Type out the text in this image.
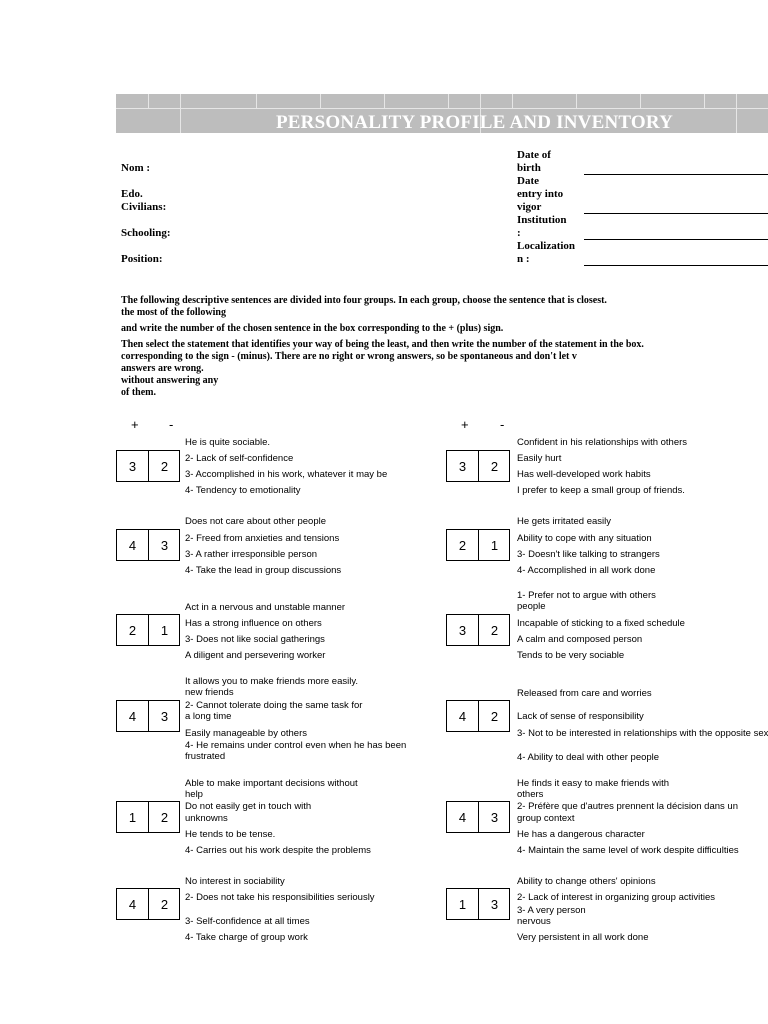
PERSONALITY PROFILE AND INVENTORY
Nom :
Edo.
Civilians:
Schooling:
Position:
Date of
birth
Date
entry into
vigor
Institution
:
Localization
n :
The following descriptive sentences are divided into four groups. In each group, choose the sentence that is closest.
the most of the following
and write the number of the chosen sentence in the box corresponding to the + (plus) sign.
Then select the statement that identifies your way of being the least, and then write the number of the statement in the box.
corresponding to the sign - (minus). There are no right or wrong answers, so be spontaneous and don't let v
answers are wrong.
without answering any
of them.
+ -	+ -
3	2
He is quite sociable.
2- Lack of self-confidence
3- Accomplished in his work, whatever it may be
4- Tendency to emotionality
4	3
Does not care about other people
2- Freed from anxieties and tensions
3- A rather irresponsible person
4- Take the lead in group discussions
2	1
Act in a nervous and unstable manner
Has a strong influence on others
3- Does not like social gatherings
A diligent and persevering worker
4	3
It allows you to make friends more easily.
new friends
2- Cannot tolerate doing the same task for
a long time
Easily manageable by others
4- He remains under control even when he has been
frustrated
1	2
Able to make important decisions without
help
Do not easily get in touch with
unknowns
He tends to be tense.
4- Carries out his work despite the problems
4	2
No interest in sociability
2- Does not take his responsibilities seriously
3- Self-confidence at all times
4- Take charge of group work
3	2
Confident in his relationships with others
Easily hurt
Has well-developed work habits
I prefer to keep a small group of friends.
2	1
He gets irritated easily
Ability to cope with any situation
3- Doesn't like talking to strangers
4- Accomplished in all work done
3	2
1- Prefer not to argue with others
people
Incapable of sticking to a fixed schedule
A calm and composed person
Tends to be very sociable
4	2
Released from care and worries
Lack of sense of responsibility
3- Not to be interested in relationships with the opposite sex
4- Ability to deal with other people
4	3
He finds it easy to make friends with
others
2- Préfère que d'autres prennent la décision dans un
group context
He has a dangerous character
4- Maintain the same level of work despite difficulties
1	3
Ability to change others' opinions
2- Lack of interest in organizing group activities
3- A very person
nervous
Very persistent in all work done
